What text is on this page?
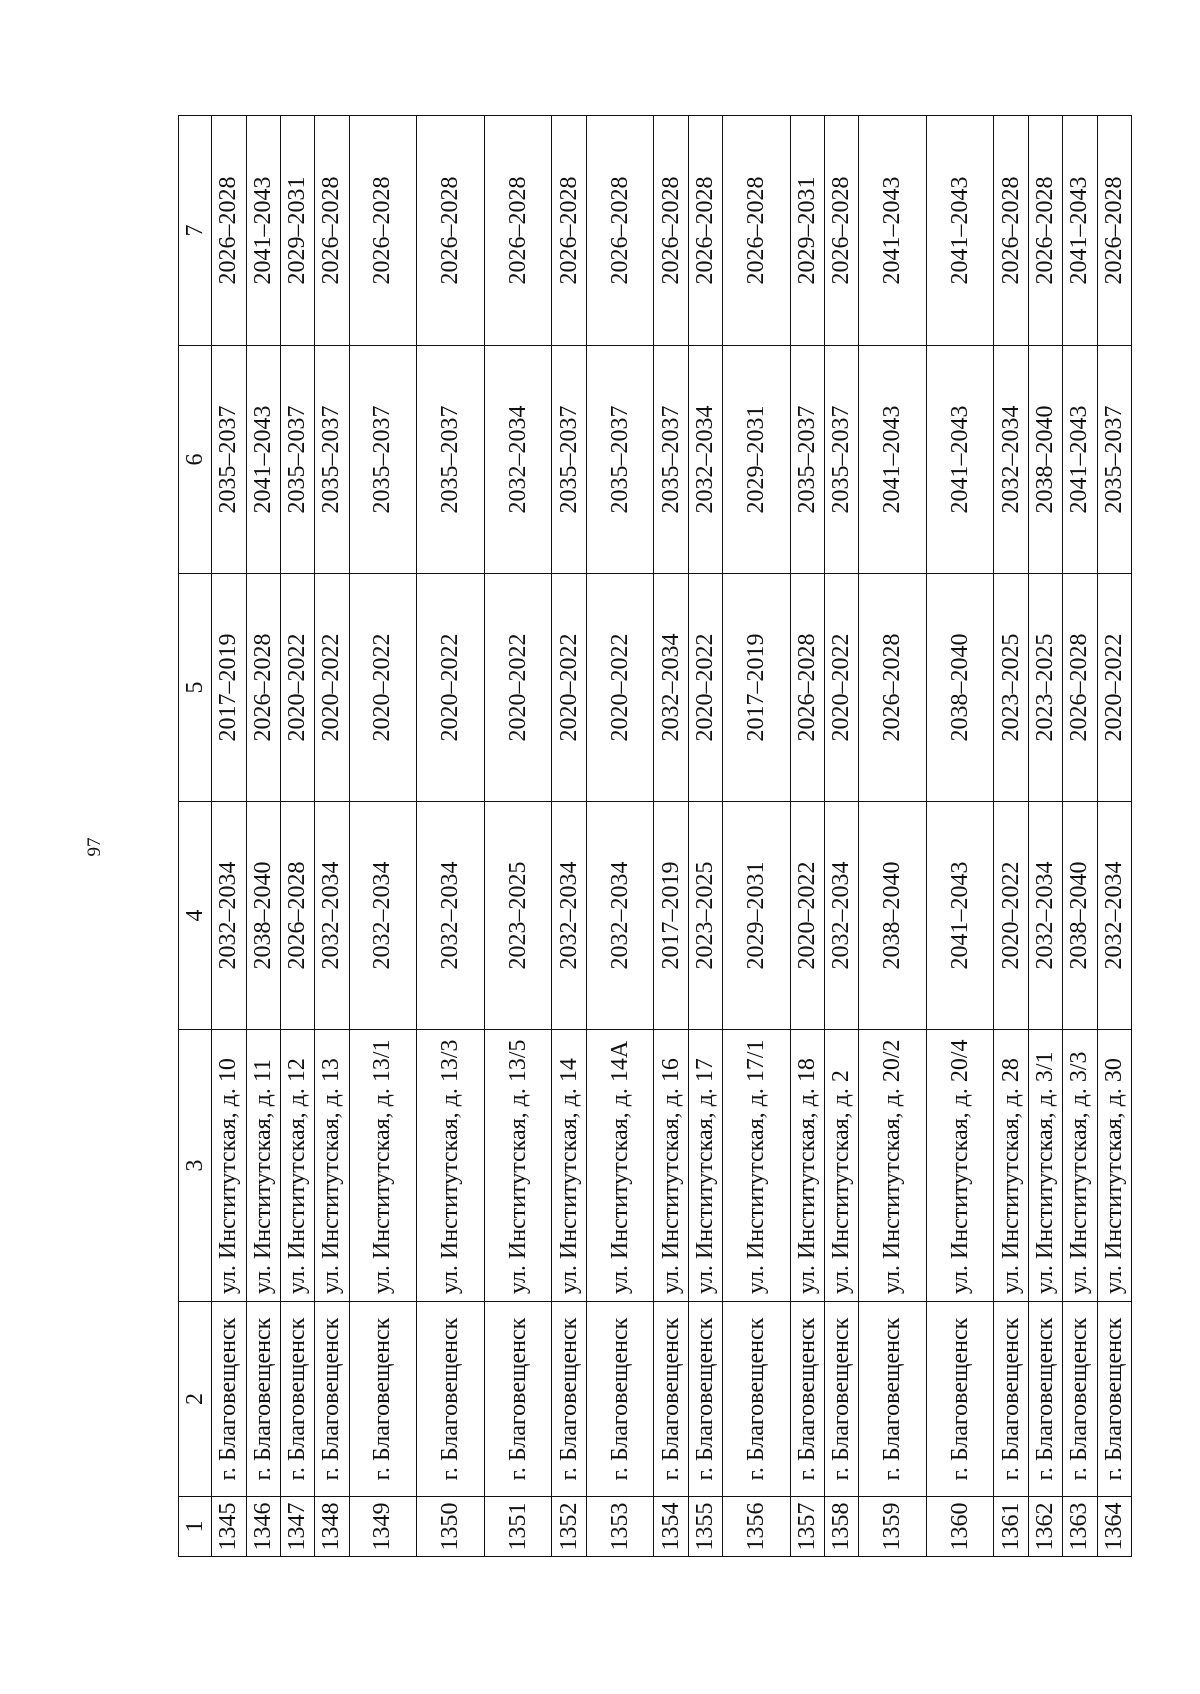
97
1	2	3	4	5	6	7
1345	г. Благовещенск	ул. Институтская, д. 10	2032–2034	2017–2019	2035–2037	2026–2028
1346	г. Благовещенск	ул. Институтская, д. 11	2038–2040	2026–2028	2041–2043	2041–2043
1347	г. Благовещенск	ул. Институтская, д. 12	2026–2028	2020–2022	2035–2037	2029–2031
1348	г. Благовещенск	ул. Институтская, д. 13	2032–2034	2020–2022	2035–2037	2026–2028
1349	г. Благовещенск	ул. Институтская, д. 13/1	2032–2034	2020–2022	2035–2037	2026–2028
1350	г. Благовещенск	ул. Институтская, д. 13/3	2032–2034	2020–2022	2035–2037	2026–2028
1351	г. Благовещенск	ул. Институтская, д. 13/5	2023–2025	2020–2022	2032–2034	2026–2028
1352	г. Благовещенск	ул. Институтская, д. 14	2032–2034	2020–2022	2035–2037	2026–2028
1353	г. Благовещенск	ул. Институтская, д. 14А	2032–2034	2020–2022	2035–2037	2026–2028
1354	г. Благовещенск	ул. Институтская, д. 16	2017–2019	2032–2034	2035–2037	2026–2028
1355	г. Благовещенск	ул. Институтская, д. 17	2023–2025	2020–2022	2032–2034	2026–2028
1356	г. Благовещенск	ул. Институтская, д. 17/1	2029–2031	2017–2019	2029–2031	2026–2028
1357	г. Благовещенск	ул. Институтская, д. 18	2020–2022	2026–2028	2035–2037	2029–2031
1358	г. Благовещенск	ул. Институтская, д. 2	2032–2034	2020–2022	2035–2037	2026–2028
1359	г. Благовещенск	ул. Институтская, д. 20/2	2038–2040	2026–2028	2041–2043	2041–2043
1360	г. Благовещенск	ул. Институтская, д. 20/4	2041–2043	2038–2040	2041–2043	2041–2043
1361	г. Благовещенск	ул. Институтская, д. 28	2020–2022	2023–2025	2032–2034	2026–2028
1362	г. Благовещенск	ул. Институтская, д. 3/1	2032–2034	2023–2025	2038–2040	2026–2028
1363	г. Благовещенск	ул. Институтская, д. 3/3	2038–2040	2026–2028	2041–2043	2041–2043
1364	г. Благовещенск	ул. Институтская, д. 30	2032–2034	2020–2022	2035–2037	2026–2028
